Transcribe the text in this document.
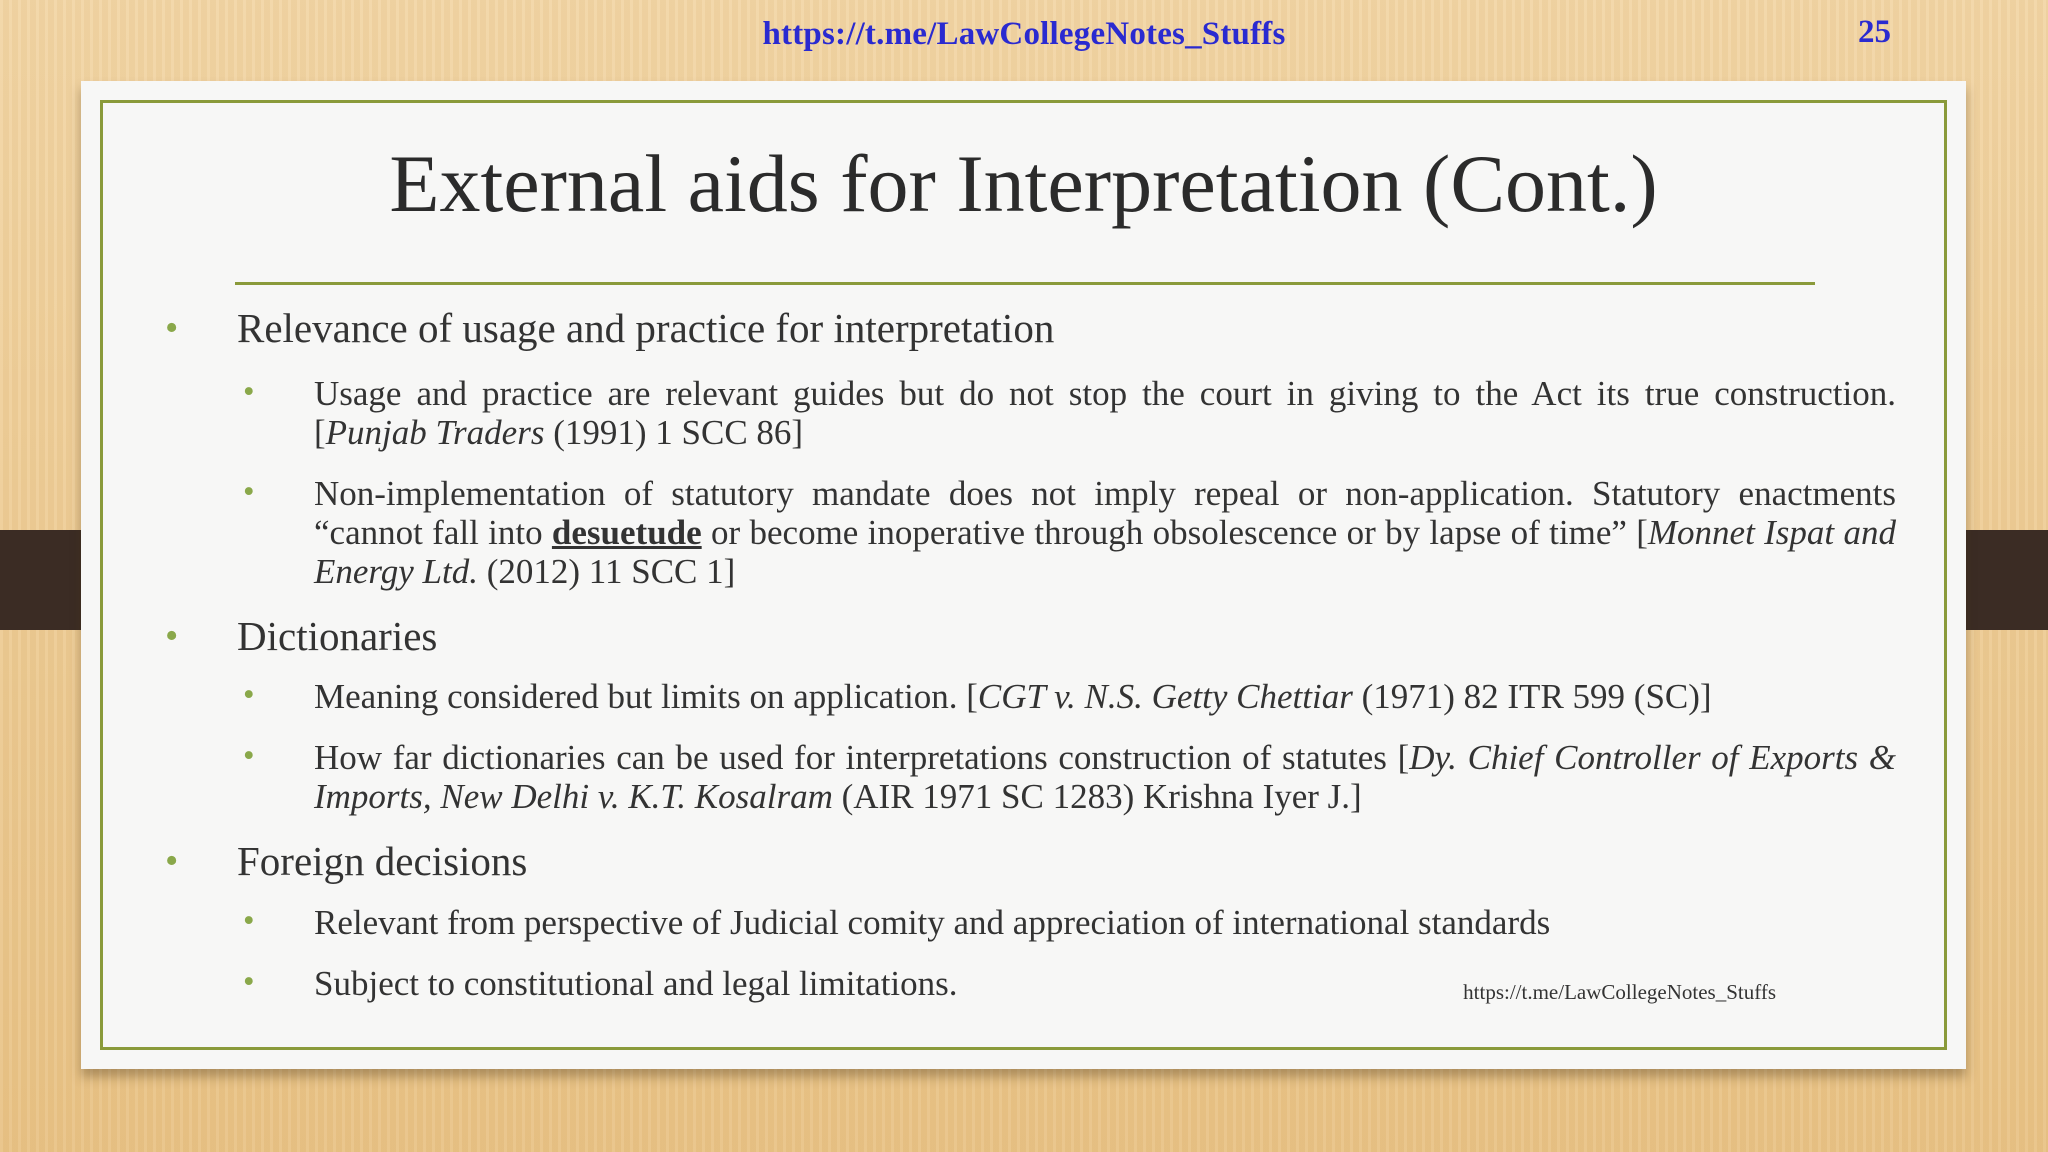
https://t.me/LawCollegeNotes_Stuffs	25
External aids for Interpretation (Cont.)
• Relevance of usage and practice for interpretation
• Usage and practice are relevant guides but do not stop the court in giving to the Act its true construction. [Punjab Traders (1991) 1 SCC 86]
• Non-implementation of statutory mandate does not imply repeal or non-application. Statutory enactments “cannot fall into desuetude or become inoperative through obsolescence or by lapse of time” [Monnet Ispat and Energy Ltd. (2012) 11 SCC 1]
• Dictionaries
• Meaning considered but limits on application. [CGT v. N.S. Getty Chettiar (1971) 82 ITR 599 (SC)]
• How far dictionaries can be used for interpretations construction of statutes [Dy. Chief Controller of Exports & Imports, New Delhi v. K.T. Kosalram (AIR 1971 SC 1283) Krishna Iyer J.]
• Foreign decisions
• Relevant from perspective of Judicial comity and appreciation of international standards
• Subject to constitutional and legal limitations.	https://t.me/LawCollegeNotes_Stuffs
